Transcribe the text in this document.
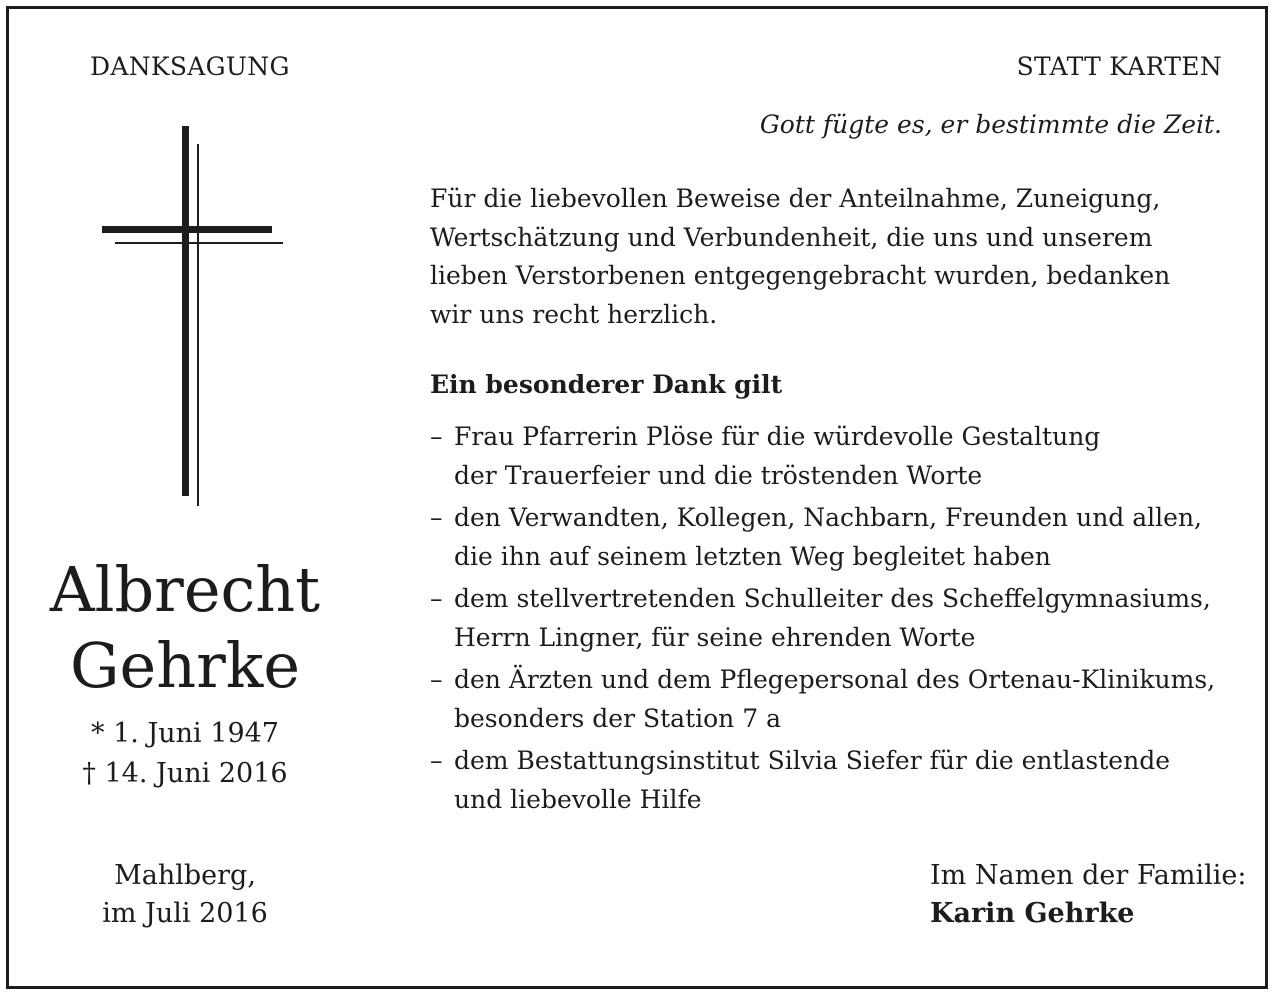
DANKSAGUNG	STATT KARTEN
Gott fügte es, er bestimmte die Zeit.
Albrecht
Gehrke
* 1. Juni 1947
† 14. Juni 2016
Mahlberg,
im Juli 2016
Für die liebevollen Beweise der Anteilnahme, Zuneigung,
Wertschätzung und Verbundenheit, die uns und unserem
lieben Verstorbenen entgegengebracht wurden, bedanken
wir uns recht herzlich.
Ein besonderer Dank gilt
– Frau Pfarrerin Plöse für die würdevolle Gestaltung
der Trauerfeier und die tröstenden Worte
– den Verwandten, Kollegen, Nachbarn, Freunden und allen,
die ihn auf seinem letzten Weg begleitet haben
– dem stellvertretenden Schulleiter des Scheffelgymnasiums,
Herrn Lingner, für seine ehrenden Worte
– den Ärzten und dem Pflegepersonal des Ortenau-Klinikums,
besonders der Station 7 a
– dem Bestattungsinstitut Silvia Siefer für die entlastende
und liebevolle Hilfe
Im Namen der Familie:
Karin Gehrke
